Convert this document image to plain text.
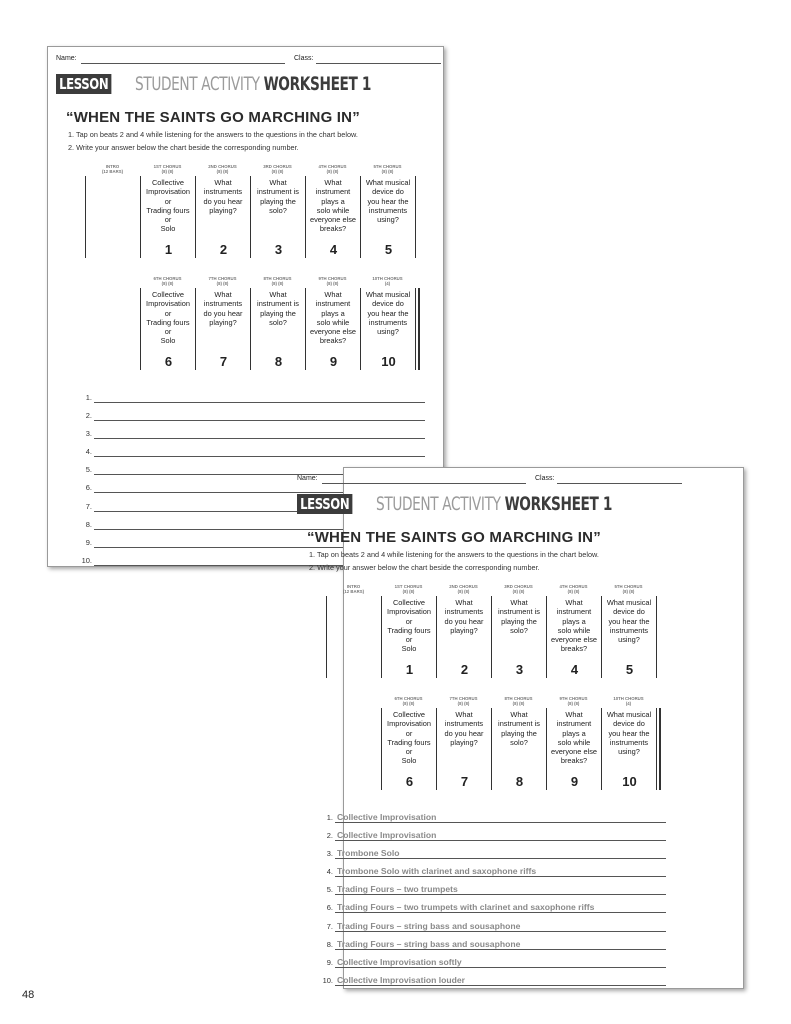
Name:	Class:
LESSON 10
STUDENT ACTIVITY WORKSHEET 1
“WHEN THE SAINTS GO MARCHING IN”
1. Tap on beats 2 and 4 while listening for the answers to the questions in the chart below.
2. Write your answer below the chart beside the corresponding number.
INTRO
(12 BARS)
1ST CHORUS
(8) (8)
Collective
Improvisation
or
Trading fours
or
Solo
1
2ND CHORUS
(8) (8)
What
instruments
do you hear
playing?
2
3RD CHORUS
(8) (8)
What
instrument is
playing the
solo?
3
4TH CHORUS
(8) (8)
What
instrument
plays a
solo while
everyone else
breaks?
4
5TH CHORUS
(8) (8)
What musical
device do
you hear the
instruments
using?
5
6TH CHORUS
(8) (8)
Collective
Improvisation
or
Trading fours
or
Solo
6
7TH CHORUS
(8) (8)
What
instruments
do you hear
playing?
7
8TH CHORUS
(8) (8)
What
instrument is
playing the
solo?
8
9TH CHORUS
(8) (8)
What
instrument
plays a
solo while
everyone else
breaks?
9
10TH CHORUS
(4)
What musical
device do
you hear the
instruments
using?
10
1.
2.
3.
4.
5.
6.
7.
8.
9.
10.
Name:	Class:
LESSON 10
STUDENT ACTIVITY WORKSHEET 1
“WHEN THE SAINTS GO MARCHING IN”
1. Tap on beats 2 and 4 while listening for the answers to the questions in the chart below.
2. Write your answer below the chart beside the corresponding number.
INTRO
(12 BARS)
1ST CHORUS
(8) (8)
Collective
Improvisation
or
Trading fours
or
Solo
1
2ND CHORUS
(8) (8)
What
instruments
do you hear
playing?
2
3RD CHORUS
(8) (8)
What
instrument is
playing the
solo?
3
4TH CHORUS
(8) (8)
What
instrument
plays a
solo while
everyone else
breaks?
4
5TH CHORUS
(8) (8)
What musical
device do
you hear the
instruments
using?
5
6TH CHORUS
(8) (8)
Collective
Improvisation
or
Trading fours
or
Solo
6
7TH CHORUS
(8) (8)
What
instruments
do you hear
playing?
7
8TH CHORUS
(8) (8)
What
instrument is
playing the
solo?
8
9TH CHORUS
(8) (8)
What
instrument
plays a
solo while
everyone else
breaks?
9
10TH CHORUS
(4)
What musical
device do
you hear the
instruments
using?
10
1. Collective Improvisation
2. Collective Improvisation
3. Trombone Solo
4. Trombone Solo with clarinet and saxophone riffs
5. Trading Fours – two trumpets
6. Trading Fours – two trumpets with clarinet and saxophone riffs
7. Trading Fours – string bass and sousaphone
8. Trading Fours – string bass and sousaphone
9. Collective Improvisation softly
10. Collective Improvisation louder
48
